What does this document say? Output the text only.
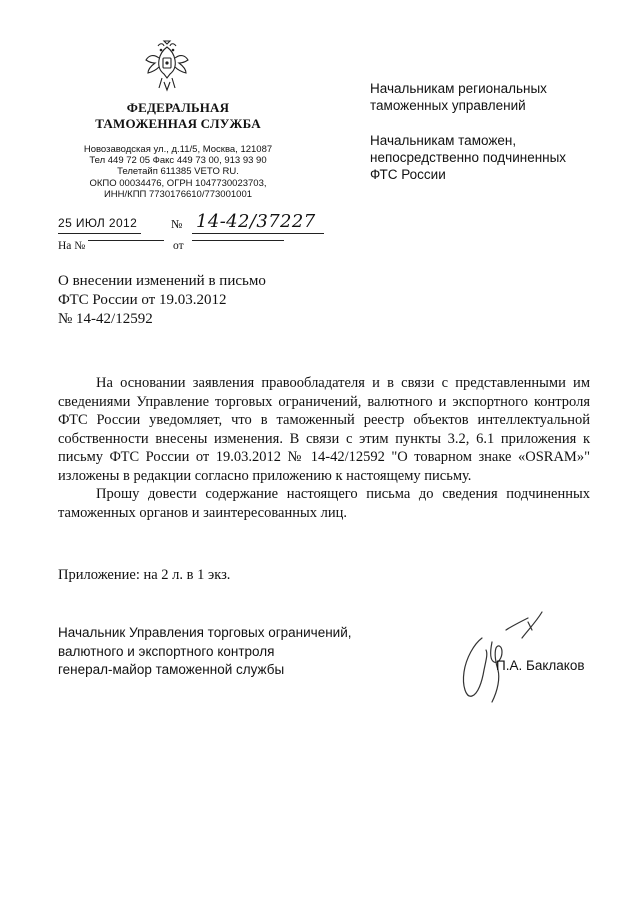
ФЕДЕРАЛЬНАЯ
ТАМОЖЕННАЯ СЛУЖБА
Новозаводская ул., д.11/5, Москва, 121087
Тел 449 72 05 Факс 449 73 00, 913 93 90
Телетайп 611385 VETO RU.
ОКПО 00034476, ОГРН 1047730023703,
ИНН/КПП 7730176610/773001001
25 ИЮЛ 2012	№ 14-42/37227
На №	от
Начальникам региональных
таможенных управлений
Начальникам таможен,
непосредственно подчиненных
ФТС России
О внесении изменений в письмо
ФТС России от 19.03.2012
№ 14-42/12592

На основании заявления правообладателя и в связи с представленными им сведениями Управление торговых ограничений, валютного и экспортного контроля ФТС России уведомляет, что в таможенный реестр объектов интеллектуальной собственности внесены изменения. В связи с этим пункты 3.2, 6.1 приложения к письму ФТС России от 19.03.2012 № 14-42/12592 "О товарном знаке «OSRAM»" изложены в редакции согласно приложению к настоящему письму.

Прошу довести содержание настоящего письма до сведения подчиненных таможенных органов и заинтересованных лиц.

Приложение: на 2 л. в 1 экз.
Начальник Управления торговых ограничений,
валютного и экспортного контроля
генерал-майор таможенной службы	П.А. Баклаков
